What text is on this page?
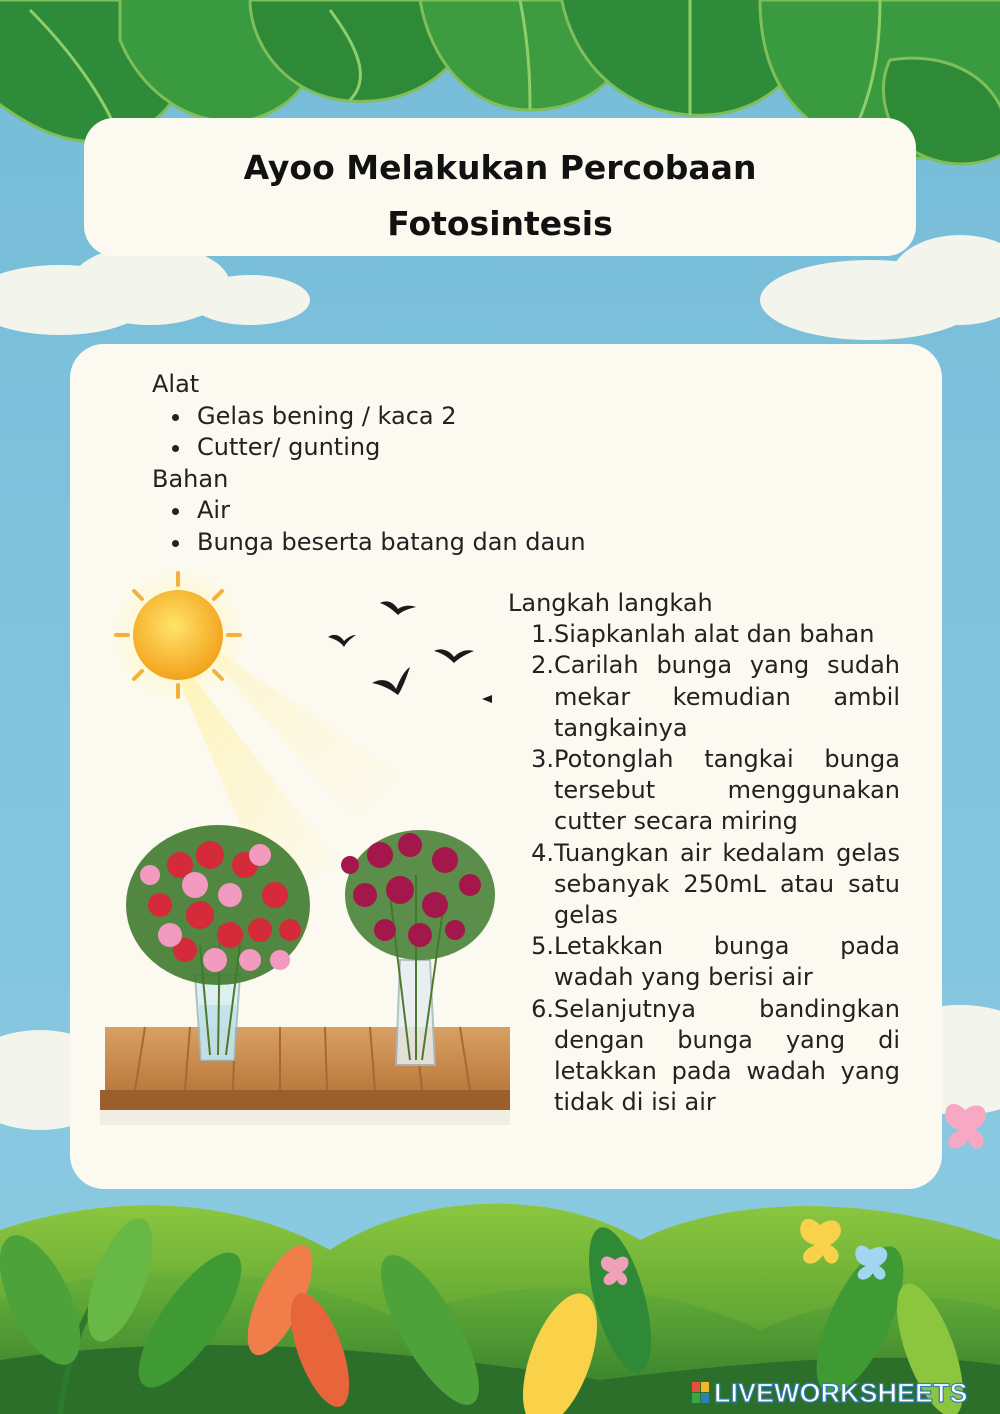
Ayoo Melakukan Percobaan
Fotosintesis
Alat
Gelas bening / kaca 2
Cutter/ gunting
Bahan
Air
Bunga beserta batang dan daun
Langkah langkah
1 . Siapkanlah alat dan bahan
2 . Carilah bunga yang sudah mekar kemudian ambil tangkainya
3 . Potonglah tangkai bunga tersebut menggunakan cutter secara miring
4 . Tuangkan air kedalam gelas sebanyak 250mL atau satu gelas
5 . Letakkan bunga pada wadah yang berisi air
6 . Selanjutnya bandingkan dengan bunga yang di letakkan pada wadah yang tidak di isi air
LIVEWORKSHEETS
